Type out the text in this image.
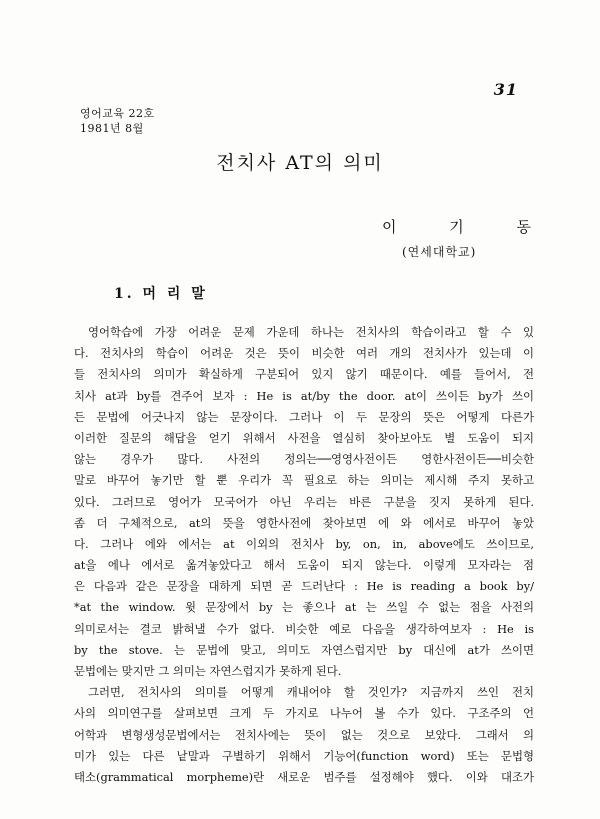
31
영어교육 22호
1981년 8월
전치사 AT의 의미
이 기 동
(연세대학교)
1. 머 리 말
영어학습에 가장 어려운 문제 가운데 하나는 전치사의 학습이라고 할 수 있
다. 전치사의 학습이 어려운 것은 뜻이 비슷한 여러 개의 전치사가 있는데 이
들 전치사의 의미가 확실하게 구분되어 있지 않기 때문이다. 예를 들어서, 전
치사 at과 by를 견주어 보자 : He is at/by the door. at이 쓰이든 by가 쓰이
든 문법에 어긋나지 않는 문장이다. 그러나 이 두 문장의 뜻은 어떻게 다른가
이러한 질문의 해답을 얻기 위해서 사전을 열심히 찾아보아도 별 도움이 되지
않는 경우가 많다. 사전의 정의는──영영사전이든 영한사전이든──비슷한
말로 바꾸어 놓기만 할 뿐 우리가 꼭 필요로 하는 의미는 제시해 주지 못하고
있다. 그러므로 영어가 모국어가 아닌 우리는 바른 구분을 짓지 못하게 된다.
좀 더 구체적으로, at의 뜻을 영한사전에 찾아보면 에 와 에서로 바꾸어 놓았
다. 그러나 에와 에서는 at 이외의 전치사 by, on, in, above에도 쓰이므로,
at을 에나 에서로 옮겨놓았다고 해서 도움이 되지 않는다. 이렇게 모자라는 점
은 다음과 같은 문장을 대하게 되면 곧 드러난다 : He is reading a book by/
*at the window. 윗 문장에서 by 는 좋으나 at 는 쓰일 수 없는 점을 사전의
의미로서는 결코 밝혀낼 수가 없다. 비슷한 예로 다음을 생각하여보자 : He is
by the stove. 는 문법에 맞고, 의미도 자연스럽지만 by 대신에 at가 쓰이면
문법에는 맞지만 그 의미는 자연스럽지가 못하게 된다.
그러면, 전치사의 의미를 어떻게 캐내어야 할 것인가? 지금까지 쓰인 전치
사의 의미연구를 살펴보면 크게 두 가지로 나누어 볼 수가 있다. 구조주의 언
어학과 변형생성문법에서는 전치사에는 뜻이 없는 것으로 보았다. 그래서 의
미가 있는 다른 낱말과 구별하기 위해서 기능어(function word) 또는 문법형
태소(grammatical morpheme)란 새로운 범주를 설정해야 했다. 이와 대조가
